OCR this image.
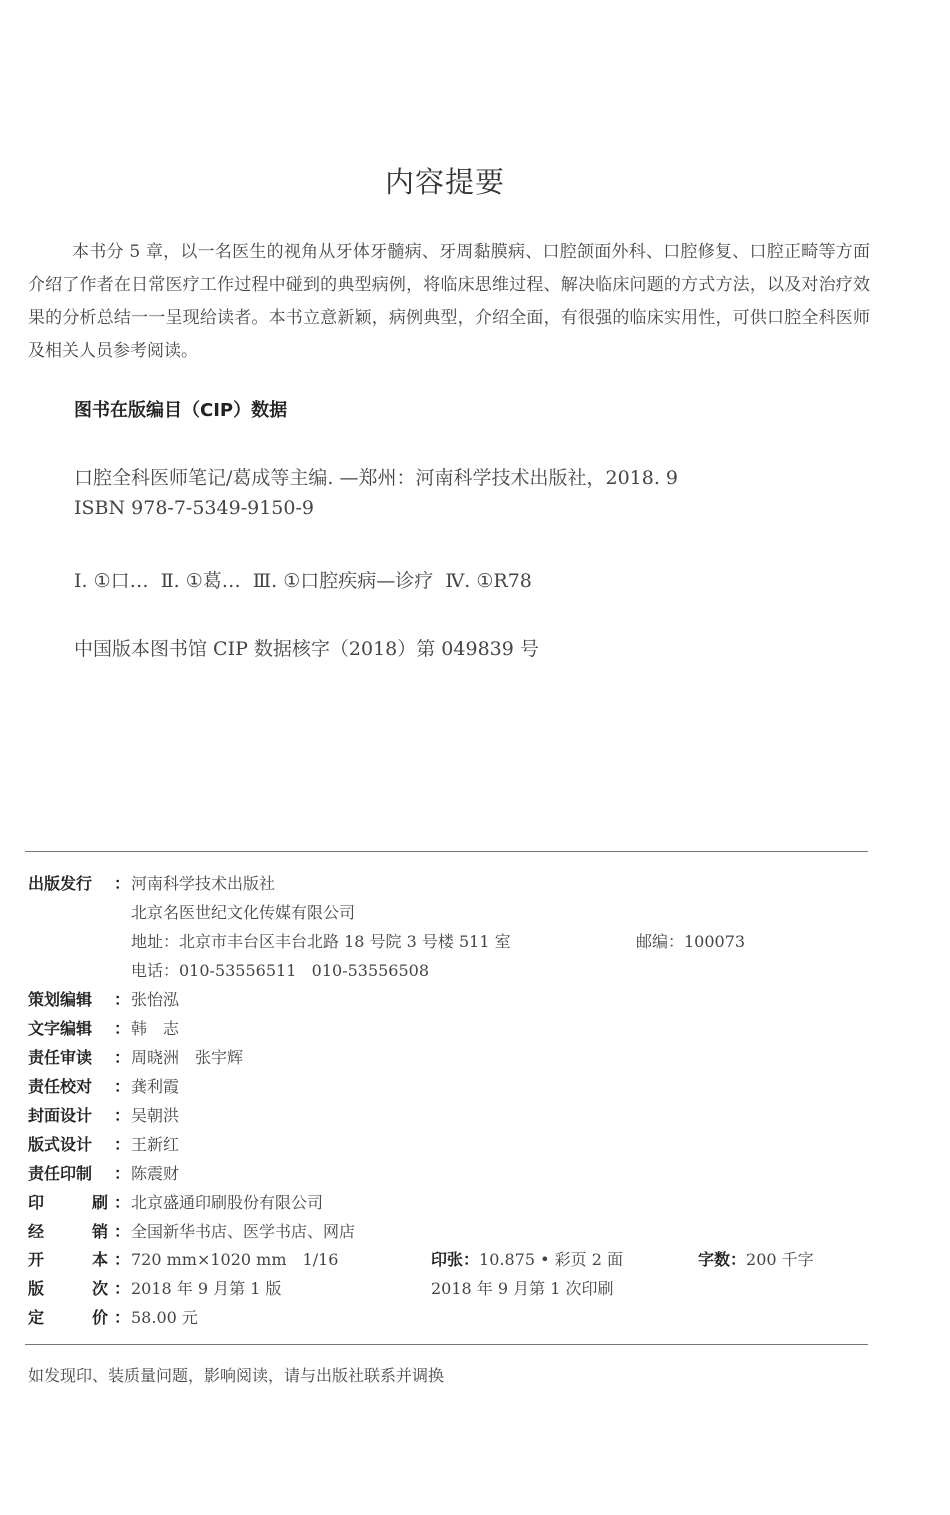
内容提要
本书分 5 章，以一名医生的视角从牙体牙髓病、牙周黏膜病、口腔颌面外科、口腔修复、口腔正畸等方面介绍了作者在日常医疗工作过程中碰到的典型病例，将临床思维过程、解决临床问题的方式方法，以及对治疗效果的分析总结一一呈现给读者。本书立意新颖，病例典型，介绍全面，有很强的临床实用性，可供口腔全科医师及相关人员参考阅读。
图书在版编目（CIP）数据
口腔全科医师笔记/葛成等主编. —郑州：河南科学技术出版社，2018. 9
ISBN 978-7-5349-9150-9
Ⅰ. ①口…  Ⅱ. ①葛…  Ⅲ. ①口腔疾病—诊疗  Ⅳ. ①R78
中国版本图书馆 CIP 数据核字（2018）第 049839 号
出版发行 ： 河南科学技术出版社
北京名医世纪文化传媒有限公司
地址：北京市丰台区丰台北路 18 号院 3 号楼 511 室	邮编：100073
电话：010-53556511   010-53556508
策划编辑 ： 张怡泓
文字编辑 ： 韩　志
责任审读 ： 周晓洲　张宇辉
责任校对 ： 龚利霞
封面设计 ： 吴朝洪
版式设计 ： 王新红
责任印制 ： 陈震财
印	刷 ： 北京盛通印刷股份有限公司
经	销 ： 全国新华书店、医学书店、网店
开	本 ： 720 mm×1020 mm　1/16	印张：10.875 • 彩页 2 面	字数：200 千字
版	次 ： 2018 年 9 月第 1 版	2018 年 9 月第 1 次印刷
定	价 ： 58.00 元
如发现印、装质量问题，影响阅读，请与出版社联系并调换
